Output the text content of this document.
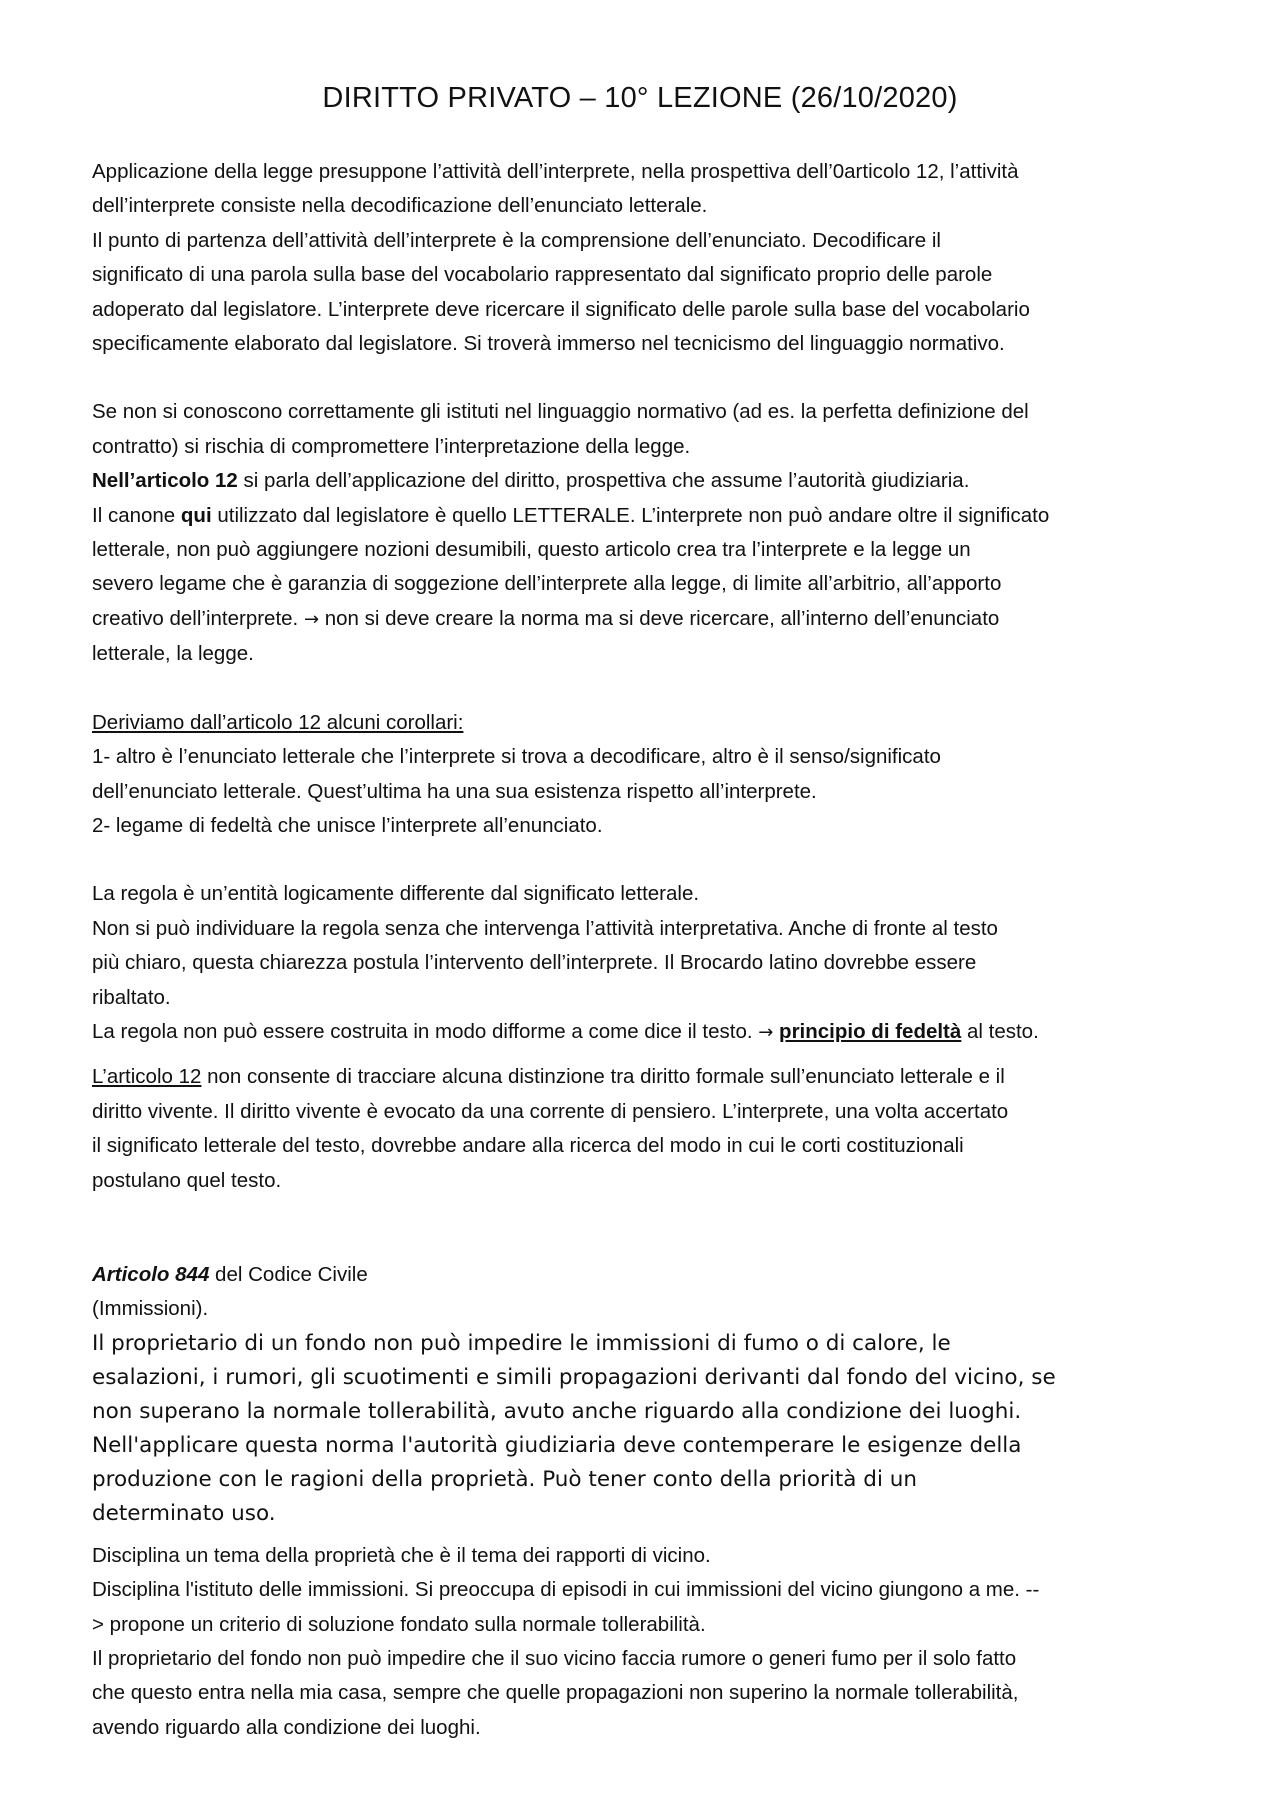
DIRITTO PRIVATO – 10° LEZIONE (26/10/2020)

Applicazione della legge presuppone l’attività dell’interprete, nella prospettiva dell’0articolo 12, l’attività

dell’interprete consiste nella decodificazione dell’enunciato letterale.

Il punto di partenza dell’attività dell’interprete è la comprensione dell’enunciato. Decodificare il

significato di una parola sulla base del vocabolario rappresentato dal significato proprio delle parole

adoperato dal legislatore. L’interprete deve ricercare il significato delle parole sulla base del vocabolario

specificamente elaborato dal legislatore. Si troverà immerso nel tecnicismo del linguaggio normativo.

Se non si conoscono correttamente gli istituti nel linguaggio normativo (ad es. la perfetta definizione del

contratto) si rischia di compromettere l’interpretazione della legge.

Nell’articolo 12 si parla dell’applicazione del diritto, prospettiva che assume l’autorità giudiziaria.

Il canone qui utilizzato dal legislatore è quello LETTERALE. L’interprete non può andare oltre il significato

letterale, non può aggiungere nozioni desumibili, questo articolo crea tra l’interprete e la legge un

severo legame che è garanzia di soggezione dell’interprete alla legge, di limite all’arbitrio, all’apporto

creativo dell’interprete. → non si deve creare la norma ma si deve ricercare, all’interno dell’enunciato

letterale, la legge.

Deriviamo dall’articolo 12 alcuni corollari:

1- altro è l’enunciato letterale che l’interprete si trova a decodificare, altro è il senso/significato

dell’enunciato letterale. Quest’ultima ha una sua esistenza rispetto all’interprete.

2- legame di fedeltà che unisce l’interprete all’enunciato.

La regola è un’entità logicamente differente dal significato letterale.

Non si può individuare la regola senza che intervenga l’attività interpretativa. Anche di fronte al testo

più chiaro, questa chiarezza postula l’intervento dell’interprete. Il Brocardo latino dovrebbe essere

ribaltato.

La regola non può essere costruita in modo difforme a come dice il testo. → principio di fedeltà al testo.

L’articolo 12 non consente di tracciare alcuna distinzione tra diritto formale sull’enunciato letterale e il

diritto vivente. Il diritto vivente è evocato da una corrente di pensiero. L’interprete, una volta accertato

il significato letterale del testo, dovrebbe andare alla ricerca del modo in cui le corti costituzionali

postulano quel testo.

Articolo 844 del Codice Civile

(Immissioni).

Il proprietario di un fondo non può impedire le immissioni di fumo o di calore, le

esalazioni, i rumori, gli scuotimenti e simili propagazioni derivanti dal fondo del vicino, se

non superano la normale tollerabilità, avuto anche riguardo alla condizione dei luoghi.

Nell'applicare questa norma l'autorità giudiziaria deve contemperare le esigenze della

produzione con le ragioni della proprietà. Può tener conto della priorità di un

determinato uso.

Disciplina un tema della proprietà che è il tema dei rapporti di vicino.

Disciplina l'istituto delle immissioni. Si preoccupa di episodi in cui immissioni del vicino giungono a me. --

> propone un criterio di soluzione fondato sulla normale tollerabilità.

Il proprietario del fondo non può impedire che il suo vicino faccia rumore o generi fumo per il solo fatto

che questo entra nella mia casa, sempre che quelle propagazioni non superino la normale tollerabilità,

avendo riguardo alla condizione dei luoghi.
